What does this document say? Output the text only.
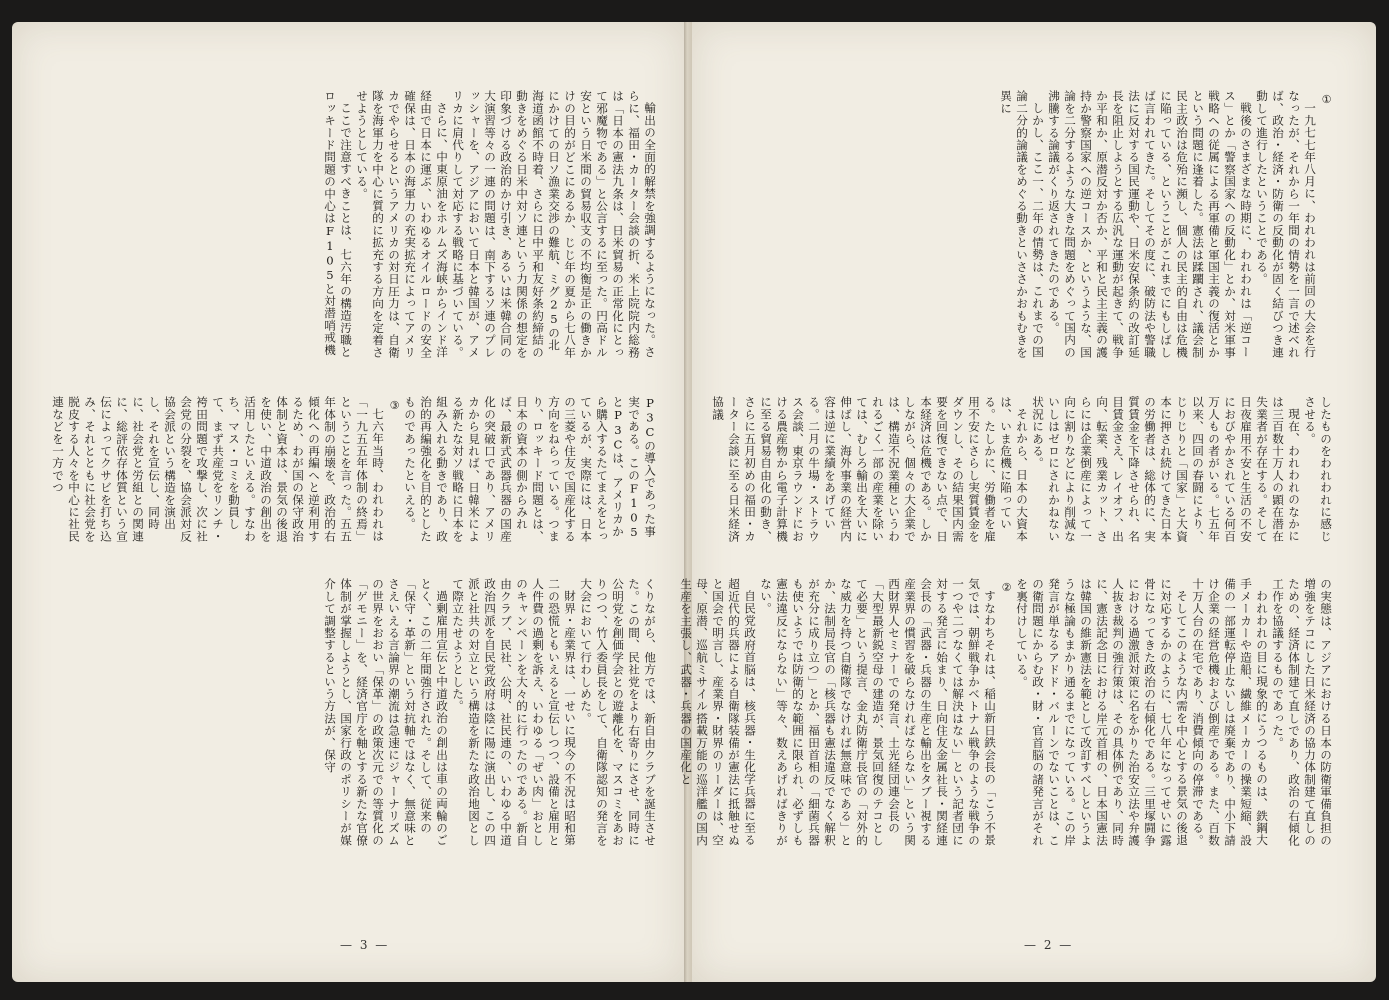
輸出の全面的解禁を強調するようになった。さらに、福田・カーター会談の折、米上院院内総務は「日本の憲法九条は、日米貿易の正常化にとって邪魔物である」と公言するに至った。円高ドル安という日米間の貿易収支の不均衡是正の働きかけの目的がどこにあるか、じじ年の夏から七八年にかけての日ソ漁業交渉の難航、ミグ25の北海道函館不時着、さらに日中平和友好条約締結の動きをめぐる日米中対ソ連という力関係の想定を印象づける政治的かけ引き、あるいは米韓合同の大演習等々の一連の問題は、南下するソ連のプレッシャーを、アジアにおいて日本と韓国が、アメリカに肩代りして対応する戦略に基づいている。

さらに、中東原油をホルムズ海峡からインド洋経由で日本に運ぶ、いわゆるオイルロードの安全確保は、日本の海軍力の充実拡充によってアメリカでやらせるというアメリカの対日圧力は、自衛隊を海軍力を中心に質的に拡充する方向を定着させようとしている。

ここで注意すべきことは、七六年の構造汚職とロッキード問題の中心はF105と対潜哨戒機

P3Cの導入であった事実である。このF105とP3Cは、アメリカから購入するたてまえをとっているが、実際には、日本の三菱や住友で国産化する方向をねらっている。つまり、ロッキード問題とは、日本の資本の側からみれば、最新式武器兵器の国産化の突破口であり、アメリカから見れば、日韓米による新たな対ソ戦略に日本を組み入れる動きであり、政治的再編強化を目的としたものであったといえる。

③

七六年当時、われわれは「一九五五年体制の終焉」ということを言った。五五年体制の崩壊を、政治的右傾化への再編へと逆利用するため、わが国の保守政治体制と資本は、景気の後退を使い、中道政治の創出を活用したといえる。すなわち、マス・コミを動員して、まず共産党をリンチ・袴田問題で攻撃し、次に社会党の分裂を、協会派対反協会派という構造を演出し、それを宣伝し、同時に、社会党と労組との関連に、総評依存体質という宣伝によってクサビを打ち込み、それとともに社会党を脱皮する人々を中心に社民連などを一方でつ

くりながら、他方では、新自由クラブを誕生させた。この間、民社党をより右寄りにさせ、同時に公明党を創価学会との遊離化を、マスコミをあおりつつ、竹入委員長をして、自衛隊認知の発言を大会において行わしめた。

財界・産業界は、一せいに現今の不況は昭和第二の恐慌ともいえると宣伝しつつ、設備と雇用と人件費の過剰を訴え、いわゆる「ぜい肉」おとしのキャンペーンを大々的に行ったのである。新自由クラブ、民社、公明、社民連の、いわゆる中道政治四派を自民党政府は陰に陽に演出し、この四派と社共の対立という構造を新たな政治地図として際立たせようとした。

過剰雇用宣伝と中道政治の創出は車の両輪のごとく、この二年間強行された。そして、従来の「保守・革新」という対抗軸ではなく、無意味とさえいえる言論界の潮流は急速にジャーナリズムの世界をおおい「保革」の政策次元での等質化の「ゲモニー」を、経済官庁を軸とする新たな官僚体制が掌握しようとし、国家行政のポリシーが媒介して調整するという方法が、保守

— 3 —

①

一九七七年八月に、われわれは前回の大会を行なったが、それから一年間の情勢を一言で述べれば、政治・経済・防衛の反動化が固く結びつき連動して進行したということである。

戦後のさまざまな時期に、われわれは「逆コース」とか「警察国家への反動化」とか、対米軍事戦略への従属による再軍備と軍国主義の復活とかという問題に逢着した。憲法は蹂躙され、議会制民主政治は危殆に瀕し、個人の民主的自由は危機に陥っている、ということがこれまでにもしばしば言われてきた。そしてその度に、破防法や警職法に反対する国民運動や、日米安保条約の改訂延長を阻止しようとする広汎な運動が起きて、戦争か平和か、原潜反対か否か、平和と民主主義の護持か警察国家への逆コースか、というような、国論を二分するような大きな問題をめぐって国内の沸騰する論議がくり返されてきたのである。

しかし、ここ一、二年の情勢は、これまでの国論二分的論議をめぐる動きといささかおもむきを異に

したものをわれわれに感じさせる。

現在、われわれのなかには三百数十万人の顕在潜在失業者が存在する。そして日夜雇用不安と生活の不安におびやかされている何百万人もの者がいる。七五年以来、四回の春闘により、じりじりと「国家」と大資本に押され続けてきた日本の労働者は、総体的に、実質賃金を下降させられ、名目賃金さえ、レイオフ、出向、転業、残業カット、さらには企業倒産によって一向に割りなどにより削減ないしはゼロにされかねない状況にある。

それから、日本の大資本は、いま危機に陥っている。たしかに、労働者を雇用不安にさらし実質賃金をダウンし、その結果国内需要を回復できない点で、日本経済は危機である。しかしながら、個々の大企業では、構造不況業種というわれるごく一部の産業を除いては、むしろ輸出を大いに伸ばし、海外事業の経営内容は逆に業績をあげている。二月の牛場・ストラウス会談、東京ラウンドにおける農産物から電子計算機に至る貿易自由化の動き、さらに五月初めの福田・カーター会談に至る日米経済協議

の実態は、アジアにおける日本の防衛軍備負担の増強をテコにした日米経済の協力体制建て直しのための、経済体制建て直しであり、政治の右傾化工作を協議するものであった。

われわれの目に現象的にうつるものは、鉄鋼大手メーカーや造船、繊維メーカーの操業短縮、設備の一部運転停止ないしは廃棄であり、中小下請け企業の経営危機および倒産である。また、百数十万人台の在宅であり、消費傾向の停滞である。

そしてこのような内需を中心とする景気の後退に対応するかのように、七八年になってせいに露骨になってきた政治の右傾化である。三里塚闘争における過激派対策に名をかりた治安立法や弁護人抜き裁判の強行策は、その具体例であり、同時に、憲法記念日における岸元首相の、日本国憲法は韓国の維新憲法を範として改訂すべしというような極論もまかり通るまでになっている。この岸発言が単なるアドド・バルーンでないことは、この衛問題にからむ政・財・官首脳の諸発言がそれを裏付けしている。

②

すなわちそれは、稲山新日鉄会長の「こう不景気では、朝鮮戦争かベトナム戦争のような戦争の一つや二つなくては解決はない」という記者団に対する発言に始まり、日向住友金属社長・関経連会長の「武器・兵器の生産と輸出をタブー視する産業界の慣習を破らなければならない」という関西財界人セミナーでの発言、土光経団連会長の「大型最新鋭空母の建造が、景気回復のテコとして必要」という提言、金丸防衛庁長官の「対外的な威力を持つ自衛隊でなければ無意味である」とか、法制局長官の「核兵器も憲法違反でなく解釈が充分に成り立つ」とか、福田首相の「細菌兵器も使いようでは防衛的な範囲に限られ、必ずしも憲法違反にならない」等々、数えあげればきりがない。

自民党政府首脳は、核兵器・生化学兵器に至る超近代的兵器による自衛隊装備が憲法に抵触せぬと国会で明言し、産業界・財界のリーダーは、空母、原潜、巡航ミサイル搭載万能の巡洋艦の国内生産を主張し、武器・兵器の国産化と

— 2 —
